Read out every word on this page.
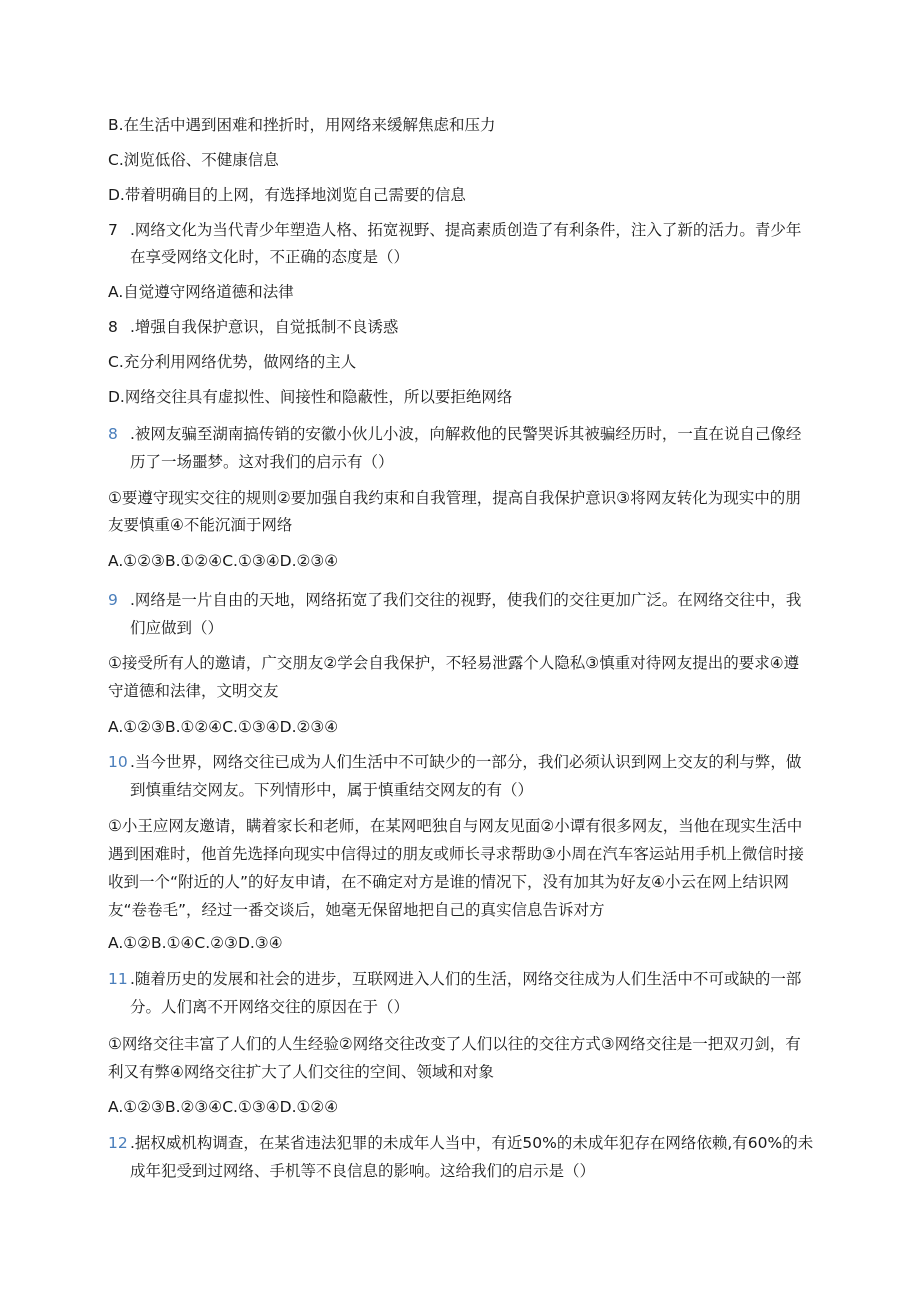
B.在生活中遇到困难和挫折时，用网络来缓解焦虑和压力
C.浏览低俗、不健康信息
D.带着明确目的上网，有选择地浏览自己需要的信息
7 .网络文化为当代青少年塑造人格、拓宽视野、提高素质创造了有利条件，注入了新的活力。青少年
在享受网络文化时，不正确的态度是（）
A.自觉遵守网络道德和法律
8 .增强自我保护意识，自觉抵制不良诱惑
C.充分利用网络优势，做网络的主人
D.网络交往具有虚拟性、间接性和隐蔽性，所以要拒绝网络
8 .被网友骗至湖南搞传销的安徽小伙儿小波，向解救他的民警哭诉其被骗经历时，一直在说自己像经
历了一场噩梦。这对我们的启示有（）
①要遵守现实交往的规则②要加强自我约束和自我管理，提高自我保护意识③将网友转化为现实中的朋
友要慎重④不能沉湎于网络
A.①②③B.①②④C.①③④D.②③④
9 .网络是一片自由的天地，网络拓宽了我们交往的视野，使我们的交往更加广泛。在网络交往中，我
们应做到（）
①接受所有人的邀请，广交朋友②学会自我保护，不轻易泄露个人隐私③慎重对待网友提出的要求④遵
守道德和法律，文明交友
A.①②③B.①②④C.①③④D.②③④
10 .当今世界，网络交往已成为人们生活中不可缺少的一部分，我们必须认识到网上交友的利与弊，做
到慎重结交网友。下列情形中，属于慎重结交网友的有（）
①小王应网友邀请，瞒着家长和老师，在某网吧独自与网友见面②小谭有很多网友，当他在现实生活中
遇到困难时，他首先选择向现实中信得过的朋友或师长寻求帮助③小周在汽车客运站用手机上微信时接
收到一个“附近的人”的好友申请，在不确定对方是谁的情况下，没有加其为好友④小云在网上结识网
友“卷卷毛”，经过一番交谈后，她毫无保留地把自己的真实信息告诉对方
A.①②B.①④C.②③D.③④
11 .随着历史的发展和社会的进步，互联网进入人们的生活，网络交往成为人们生活中不可或缺的一部
分。人们离不开网络交往的原因在于（）
①网络交往丰富了人们的人生经验②网络交往改变了人们以往的交往方式③网络交往是一把双刃剑，有
利又有弊④网络交往扩大了人们交往的空间、领域和对象
A.①②③B.②③④C.①③④D.①②④
12 .据权威机构调查，在某省违法犯罪的未成年人当中，有近50%的未成年犯存在网络依赖,有60%的未
成年犯受到过网络、手机等不良信息的影响。这给我们的启示是（）
